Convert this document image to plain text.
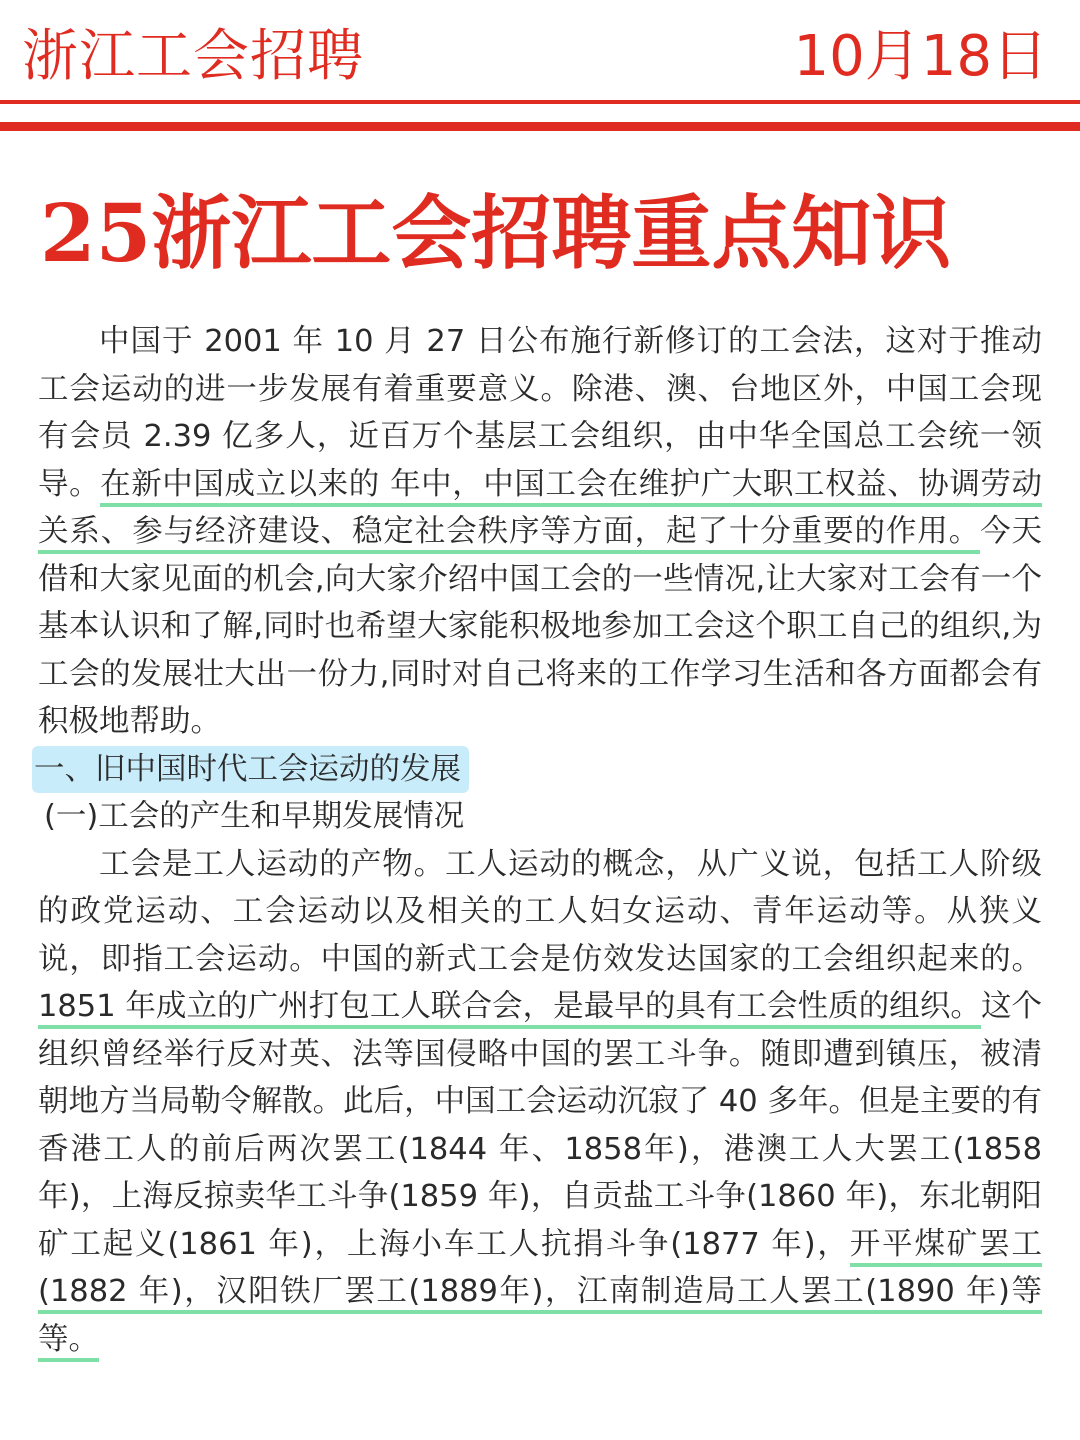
浙江工会招聘	10月18日
25浙江工会招聘重点知识

中国于 2001 年 10 月 27 日公布施行新修订的工会法，这对于推动工会运动的进一步发展有着重要意义。除港、澳、台地区外，中国工会现有会员 2.39 亿多人，近百万个基层工会组织，由中华全国总工会统一领导。在新中国成立以来的 年中，中国工会在维护广大职工权益、协调劳动关系、参与经济建设、稳定社会秩序等方面，起了十分重要的作用。今天借和大家见面的机会,向大家介绍中国工会的一些情况,让大家对工会有一个基本认识和了解,同时也希望大家能积极地参加工会这个职工自己的组织,为工会的发展壮大出一份力,同时对自己将来的工作学习生活和各方面都会有积极地帮助。

一、旧中国时代工会运动的发展
(一)工会的产生和早期发展情况

工会是工人运动的产物。工人运动的概念，从广义说，包括工人阶级的政党运动、工会运动以及相关的工人妇女运动、青年运动等。从狭义说，即指工会运动。中国的新式工会是仿效发达国家的工会组织起来的。1851 年成立的广州打包工人联合会，是最早的具有工会性质的组织。这个组织曾经举行反对英、法等国侵略中国的罢工斗争。随即遭到镇压，被清朝地方当局勒令解散。此后，中国工会运动沉寂了 40 多年。但是主要的有香港工人的前后两次罢工(1844 年、1858年)，港澳工人大罢工(1858 年)，上海反掠卖华工斗争(1859 年)，自贡盐工斗争(1860 年)，东北朝阳矿工起义(1861 年)，上海小车工人抗捐斗争(1877 年)，开平煤矿罢工(1882 年)，汉阳铁厂罢工(1889年)，江南制造局工人罢工(1890 年)等等。
